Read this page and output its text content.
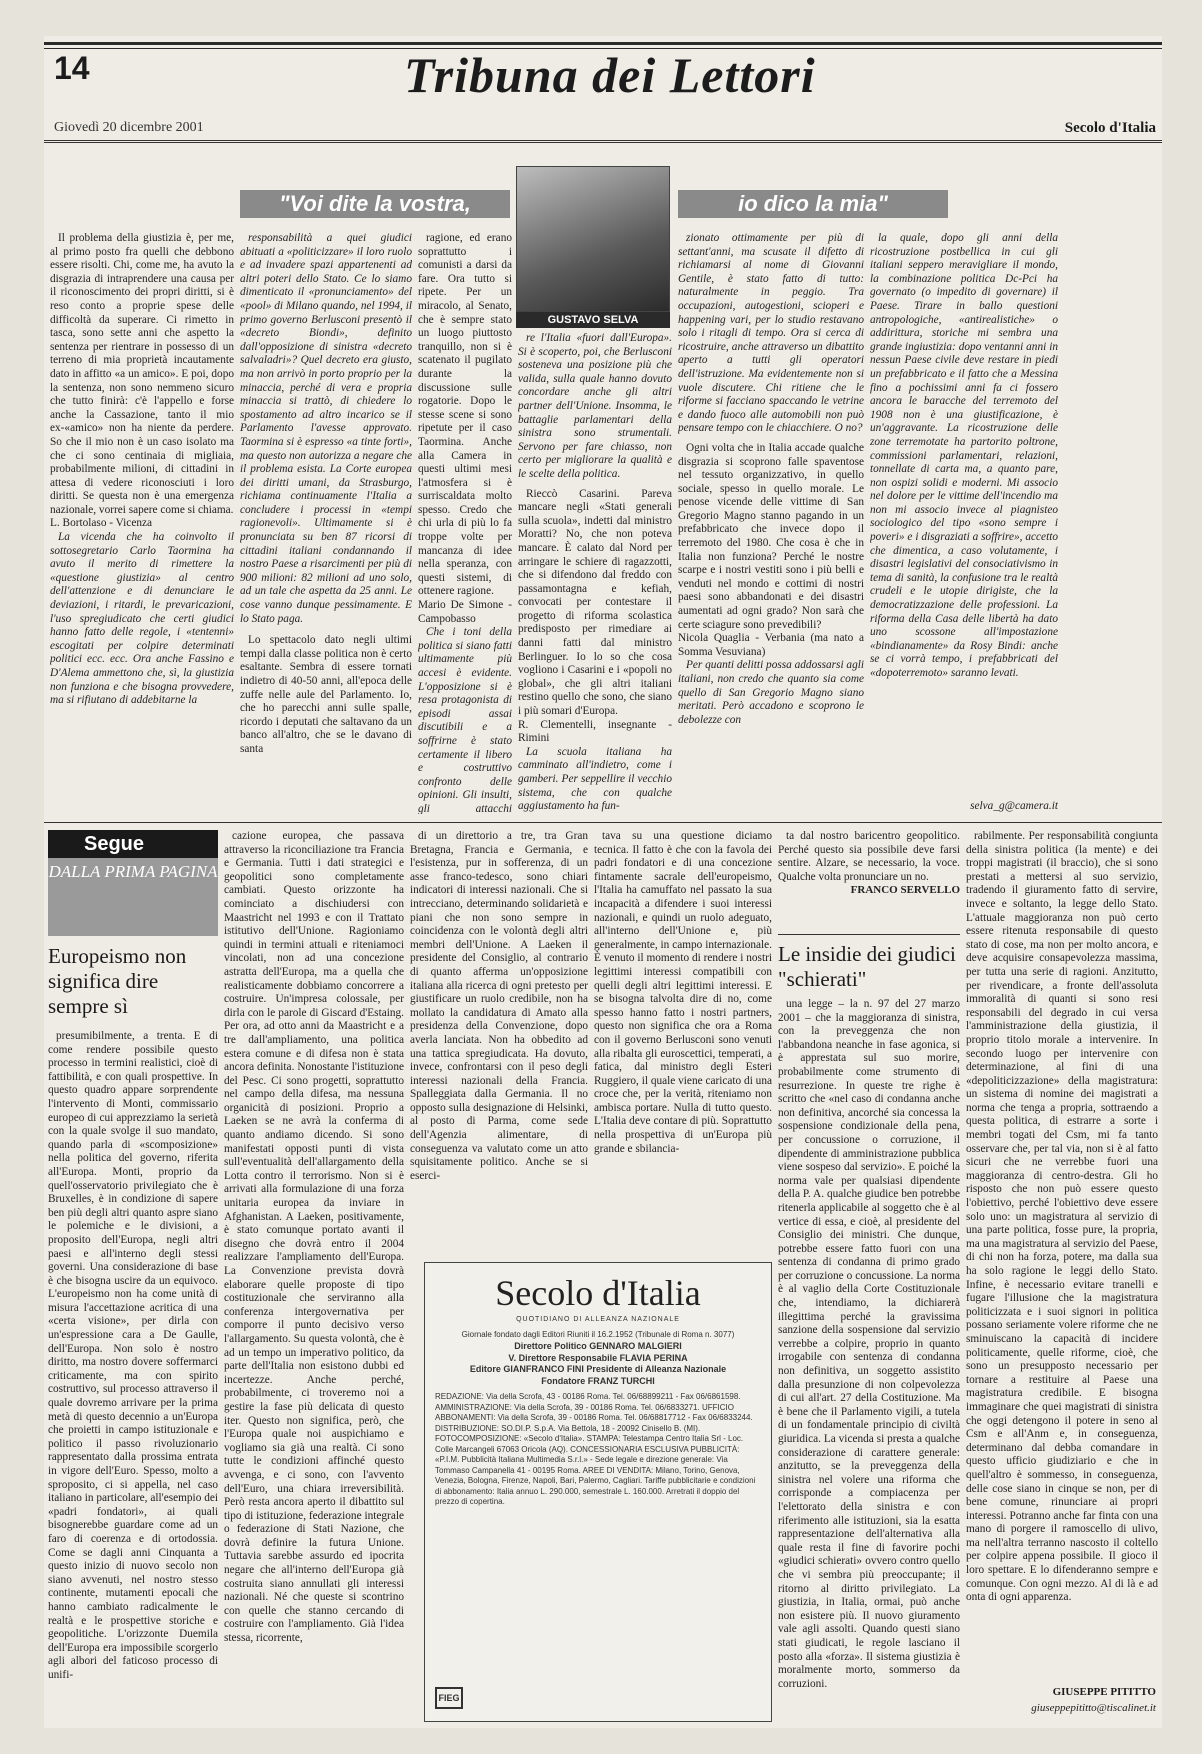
14	Tribuna dei Lettori
Giovedì 20 dicembre 2001	Secolo d'Italia
"Voi dite la vostra,	io dico la mia"
GUSTAVO SELVA

Il problema della giustizia è, per me, al primo posto fra quelli che debbono essere risolti. Chi, come me, ha avuto la disgrazia di intraprendere una causa per il riconoscimento dei propri diritti, si è reso conto a proprie spese delle difficoltà da superare. Ci rimetto in tasca, sono sette anni che aspetto la sentenza per rientrare in possesso di un terreno di mia proprietà incautamente dato in affitto «a un amico». E poi, dopo la sentenza, non sono nemmeno sicuro che tutto finirà: c'è l'appello e forse anche la Cassazione, tanto il mio ex-«amico» non ha niente da perdere. So che il mio non è un caso isolato ma che ci sono centinaia di migliaia, probabilmente milioni, di cittadini in attesa di vedere riconosciuti i loro diritti. Se questa non è una emergenza nazionale, vorrei sapere come si chiama.

L. Bortolaso - Vicenza

La vicenda che ha coinvolto il sottosegretario Carlo Taormina ha avuto il merito di rimettere la «questione giustizia» al centro dell'attenzione e di denunciare le deviazioni, i ritardi, le prevaricazioni, l'uso spregiudicato che certi giudici hanno fatto delle regole, i «tentenni» escogitati per colpire determinati politici ecc. ecc. Ora anche Fassino e D'Alema ammettono che, sì, la giustizia non funziona e che bisogna provvedere, ma si rifiutano di addebitarne la

responsabilità a quei giudici abituati a «politicizzare» il loro ruolo e ad invadere spazi appartenenti ad altri poteri dello Stato. Ce lo siamo dimenticato il «pronunciamento» del «pool» di Milano quando, nel 1994, il primo governo Berlusconi presentò il «decreto Biondi», definito dall'opposizione di sinistra «decreto salvaladri»? Quel decreto era giusto, ma non arrivò in porto proprio per la minaccia, perché di vera e propria minaccia si trattò, di chiedere lo spostamento ad altro incarico se il Parlamento l'avesse approvato. Taormina si è espresso «a tinte forti», ma questo non autorizza a negare che il problema esista. La Corte europea dei diritti umani, da Strasburgo, richiama continuamente l'Italia a concludere i processi in «tempi ragionevoli». Ultimamente si è pronunciata su ben 87 ricorsi di cittadini italiani condannando il nostro Paese a risarcimenti per più di 900 milioni: 82 milioni ad uno solo, ad un tale che aspetta da 25 anni. Le cose vanno dunque pessimamente. E lo Stato paga.

Lo spettacolo dato negli ultimi tempi dalla classe politica non è certo esaltante. Sembra di essere tornati indietro di 40-50 anni, all'epoca delle zuffe nelle aule del Parlamento. Io, che ho parecchi anni sulle spalle, ricordo i deputati che saltavano da un banco all'altro, che se le davano di santa

ragione, ed erano soprattutto i comunisti a darsi da fare. Ora tutto si ripete. Per un miracolo, al Senato, che è sempre stato un luogo piuttosto tranquillo, non si è scatenato il pugilato durante la discussione sulle rogatorie. Dopo le stesse scene si sono ripetute per il caso Taormina. Anche alla Camera in questi ultimi mesi l'atmosfera si è surriscaldata molto spesso. Credo che chi urla di più lo fa troppe volte per mancanza di idee nella speranza, con questi sistemi, di ottenere ragione.

Mario De Simone - Campobasso

Che i toni della politica si siano fatti ultimamente più accesi è evidente. L'opposizione si è resa protagonista di episodi assai discutibili e a soffrirne è stato certamente il libero e costruttivo confronto delle opinioni. Gli insulti, gli attacchi

re l'Italia «fuori dall'Europa». Si è scoperto, poi, che Berlusconi sosteneva una posizione più che valida, sulla quale hanno dovuto concordare anche gli altri partner dell'Unione. Insomma, le battaglie parlamentari della sinistra sono strumentali. Servono per fare chiasso, non certo per migliorare la qualità e le scelte della politica.

Rieccò Casarini. Pareva mancare negli «Stati generali sulla scuola», indetti dal ministro Moratti? No, che non poteva mancare. È calato dal Nord per arringare le schiere di ragazzotti, che si difendono dal freddo con passamontagna e kefiah, convocati per contestare il progetto di riforma scolastica predisposto per rimediare ai danni fatti dal ministro Berlinguer. Io lo so che cosa vogliono i Casarini e i «popoli no global», che gli altri italiani restino quello che sono, che siano i più somari d'Europa.

R. Clementelli, insegnante - Rimini

La scuola italiana ha camminato all'indietro, come i gamberi. Per seppellire il vecchio sistema, che con qualche aggiustamento ha fun-

zionato ottimamente per più di settant'anni, ma scusate il difetto di richiamarsi al nome di Giovanni Gentile, è stato fatto di tutto: naturalmente in peggio. Tra occupazioni, autogestioni, scioperi e happening vari, per lo studio restavano solo i ritagli di tempo. Ora si cerca di ricostruire, anche attraverso un dibattito aperto a tutti gli operatori dell'istruzione. Ma evidentemente non si vuole discutere. Chi ritiene che le riforme si facciano spaccando le vetrine e dando fuoco alle automobili non può pensare tempo con le chiacchiere. O no?

Ogni volta che in Italia accade qualche disgrazia si scoprono falle spaventose nel tessuto organizzativo, in quello sociale, spesso in quello morale. Le penose vicende delle vittime di San Gregorio Magno stanno pagando in un prefabbricato che invece dopo il terremoto del 1980. Che cosa è che in Italia non funziona? Perché le nostre scarpe e i nostri vestiti sono i più belli e venduti nel mondo e cottimi di nostri paesi sono abbandonati e dei disastri aumentati ad ogni grado? Non sarà che certe sciagure sono prevedibili?

Nicola Quaglia - Verbania (ma nato a Somma Vesuviana)

Per quanti delitti possa addossarsi agli italiani, non credo che quanto sia come quello di San Gregorio Magno siano meritati. Però accadono e scoprono le debolezze con

la quale, dopo gli anni della ricostruzione postbellica in cui gli italiani seppero meravigliare il mondo, la combinazione politica Dc-Pci ha governato (o impedito di governare) il Paese. Tirare in ballo questioni antropologiche, «antirealistiche» o addirittura, storiche mi sembra una grande ingiustizia: dopo ventanni anni in nessun Paese civile deve restare in piedi un prefabbricato e il fatto che a Messina fino a pochissimi anni fa ci fossero ancora le baracche del terremoto del 1908 non è una giustificazione, è un'aggravante. La ricostruzione delle zone terremotate ha partorito poltrone, commissioni parlamentari, relazioni, tonnellate di carta ma, a quanto pare, non ospizi solidi e moderni. Mi associo nel dolore per le vittime dell'incendio ma non mi associo invece al piagnisteo sociologico del tipo «sono sempre i poveri» e i disgraziati a soffrire», accetto che dimentica, a caso volutamente, i disastri legislativi del consociativismo in tema di sanità, la confusione tra le realtà crudeli e le utopie dirigiste, che la democratizzazione delle professioni. La riforma della Casa delle libertà ha dato uno scossone all'impostazione «bindianamente» da Rosy Bindi: anche se ci vorrà tempo, i prefabbricati del «dopoterremoto» saranno levati.

selva_g@camera.it
Segue
DALLA PRIMA PAGINA
Europeismo non significa dire sempre sì

presumibilmente, a trenta. E di come rendere possibile questo processo in termini realistici, cioè di fattibilità, e con quali prospettive. In questo quadro appare sorprendente l'intervento di Monti, commissario europeo di cui apprezziamo la serietà con la quale svolge il suo mandato, quando parla di «scomposizione» nella politica del governo, riferita all'Europa. Monti, proprio da quell'osservatorio privilegiato che è Bruxelles, è in condizione di sapere ben più degli altri quanto aspre siano le polemiche e le divisioni, a proposito dell'Europa, negli altri paesi e all'interno degli stessi governi. Una considerazione di base è che bisogna uscire da un equivoco. L'europeismo non ha come unità di misura l'accettazione acritica di una «certa visione», per dirla con un'espressione cara a De Gaulle, dell'Europa. Non solo è nostro diritto, ma nostro dovere soffermarci criticamente, ma con spirito costruttivo, sul processo attraverso il quale dovremo arrivare per la prima metà di questo decennio a un'Europa che proietti in campo istituzionale e politico il passo rivoluzionario rappresentato dalla prossima entrata in vigore dell'Euro. Spesso, molto a sproposito, ci si appella, nel caso italiano in particolare, all'esempio dei «padri fondatori», ai quali bisognerebbe guardare come ad un faro di coerenza e di ortodossia. Come se dagli anni Cinquanta a questo inizio di nuovo secolo non siano avvenuti, nel nostro stesso continente, mutamenti epocali che hanno cambiato radicalmente le realtà e le prospettive storiche e geopolitiche. L'orizzonte Duemila dell'Europa era impossibile scorgerlo agli albori del faticoso processo di unifi-

cazione europea, che passava attraverso la riconciliazione tra Francia e Germania. Tutti i dati strategici e geopolitici sono completamente cambiati. Questo orizzonte ha cominciato a dischiudersi con Maastricht nel 1993 e con il Trattato istitutivo dell'Unione. Ragioniamo quindi in termini attuali e riteniamoci vincolati, non ad una concezione astratta dell'Europa, ma a quella che realisticamente dobbiamo concorrere a costruire. Un'impresa colossale, per dirla con le parole di Giscard d'Estaing. Per ora, ad otto anni da Maastricht e a tre dall'ampliamento, una politica estera comune e di difesa non è stata ancora definita. Nonostante l'istituzione del Pesc. Ci sono progetti, soprattutto nel campo della difesa, ma nessuna organicità di posizioni. Proprio a Laeken se ne avrà la conferma di quanto andiamo dicendo. Si sono manifestati opposti punti di vista sull'eventualità dell'allargamento della Lotta contro il terrorismo. Non si è arrivati alla formulazione di una forza unitaria europea da inviare in Afghanistan. A Laeken, positivamente, è stato comunque portato avanti il disegno che dovrà entro il 2004 realizzare l'ampliamento dell'Europa. La Convenzione prevista dovrà elaborare quelle proposte di tipo costituzionale che serviranno alla conferenza intergovernativa per comporre il punto decisivo verso l'allargamento. Su questa volontà, che è ad un tempo un imperativo politico, da parte dell'Italia non esistono dubbi ed incertezze. Anche perché, probabilmente, ci troveremo noi a gestire la fase più delicata di questo iter. Questo non significa, però, che l'Europa quale noi auspichiamo e vogliamo sia già una realtà. Ci sono tutte le condizioni affinché questo avvenga, e ci sono, con l'avvento dell'Euro, una chiara irreversibilità. Però resta ancora aperto il dibattito sul tipo di istituzione, federazione integrale o federazione di Stati Nazione, che dovrà definire la futura Unione. Tuttavia sarebbe assurdo ed ipocrita negare che all'interno dell'Europa già costruita siano annullati gli interessi nazionali. Né che queste si scontrino con quelle che stanno cercando di costruire con l'ampliamento. Già l'idea stessa, ricorrente,

di un direttorio a tre, tra Gran Bretagna, Francia e Germania, e l'esistenza, pur in sofferenza, di un asse franco-tedesco, sono chiari indicatori di interessi nazionali. Che si intrecciano, determinando solidarietà e piani che non sono sempre in coincidenza con le volontà degli altri membri dell'Unione. A Laeken il presidente del Consiglio, al contrario di quanto afferma un'opposizione italiana alla ricerca di ogni pretesto per giustificare un ruolo credibile, non ha mollato la candidatura di Amato alla presidenza della Convenzione, dopo averla lanciata. Non ha obbedito ad una tattica spregiudicata. Ha dovuto, invece, confrontarsi con il peso degli interessi nazionali della Francia. Spalleggiata dalla Germania. Il no opposto sulla designazione di Helsinki, al posto di Parma, come sede dell'Agenzia alimentare, di conseguenza va valutato come un atto squisitamente politico. Anche se si eserci-

tava su una questione diciamo tecnica. Il fatto è che con la favola dei padri fondatori e di una concezione fintamente sacrale dell'europeismo, l'Italia ha camuffato nel passato la sua incapacità a difendere i suoi interessi nazionali, e quindi un ruolo adeguato, all'interno dell'Unione e, più generalmente, in campo internazionale. È venuto il momento di rendere i nostri legittimi interessi compatibili con quelli degli altri legittimi interessi. E se bisogna talvolta dire di no, come spesso hanno fatto i nostri partners, questo non significa che ora a Roma con il governo Berlusconi sono venuti alla ribalta gli euroscettici, temperati, a fatica, dal ministro degli Esteri Ruggiero, il quale viene caricato di una croce che, per la verità, riteniamo non ambisca portare. Nulla di tutto questo. L'Italia deve contare di più. Soprattutto nella prospettiva di un'Europa più grande e sbilancia-

ta dal nostro baricentro geopolitico. Perché questo sia possibile deve farsi sentire. Alzare, se necessario, la voce. Qualche volta pronunciare un no.

FRANCO SERVELLO
Le insidie dei giudici "schierati"

una legge – la n. 97 del 27 marzo 2001 – che la maggioranza di sinistra, con la preveggenza che non l'abbandona neanche in fase agonica, si è apprestata sul suo morire, probabilmente come strumento di resurrezione. In queste tre righe è scritto che «nel caso di condanna anche non definitiva, ancorché sia concessa la sospensione condizionale della pena, per concussione o corruzione, il dipendente di amministrazione pubblica viene sospeso dal servizio». E poiché la norma vale per qualsiasi dipendente della P. A. qualche giudice ben potrebbe ritenerla applicabile al soggetto che è al vertice di essa, e cioè, al presidente del Consiglio dei ministri. Che dunque, potrebbe essere fatto fuori con una sentenza di condanna di primo grado per corruzione o concussione. La norma è al vaglio della Corte Costituzionale che, intendiamo, la dichiarerà illegittima perché la gravissima sanzione della sospensione dal servizio verrebbe a colpire, proprio in quanto irrogabile con sentenza di condanna non definitiva, un soggetto assistito dalla presunzione di non colpevolezza di cui all'art. 27 della Costituzione. Ma è bene che il Parlamento vigili, a tutela di un fondamentale principio di civiltà giuridica. La vicenda si presta a qualche considerazione di carattere generale: anzitutto, se la preveggenza della sinistra nel volere una riforma che corrisponde a compiacenza per l'elettorato della sinistra e con riferimento alle istituzioni, sia la esatta rappresentazione dell'alternativa alla quale resta il fine di favorire pochi «giudici schierati» ovvero contro quello che vi sembra più preoccupante; il ritorno al diritto privilegiato. La giustizia, in Italia, ormai, può anche non esistere più. Il nuovo giuramento vale agli assolti. Quando questi siano stati giudicati, le regole lasciano il posto alla «forza». Il sistema giustizia è moralmente morto, sommerso da corruzioni.

rabilmente. Per responsabilità congiunta della sinistra politica (la mente) e dei troppi magistrati (il braccio), che si sono prestati a mettersi al suo servizio, tradendo il giuramento fatto di servire, invece e soltanto, la legge dello Stato. L'attuale maggioranza non può certo essere ritenuta responsabile di questo stato di cose, ma non per molto ancora, e deve acquisire consapevolezza massima, per tutta una serie di ragioni. Anzitutto, per rivendicare, a fronte dell'assoluta immoralità di quanti si sono resi responsabili del degrado in cui versa l'amministrazione della giustizia, il proprio titolo morale a intervenire. In secondo luogo per intervenire con determinazione, al fini di una «depoliticizzazione» della magistratura: un sistema di nomine dei magistrati a norma che tenga a propria, sottraendo a questa politica, di estrarre a sorte i membri togati del Csm, mi fa tanto osservare che, per tal via, non si è al fatto sicuri che ne verrebbe fuori una maggioranza di centro-destra. Gli ho risposto che non può essere questo l'obiettivo, perché l'obiettivo deve essere solo uno: un magistratura al servizio di una parte politica, fosse pure, la propria, ma una magistratura al servizio del Paese, di chi non ha forza, potere, ma dalla sua ha solo ragione le leggi dello Stato. Infine, è necessario evitare tranelli e fugare l'illusione che la magistratura politicizzata e i suoi signori in politica possano seriamente volere riforme che ne sminuiscano la capacità di incidere politicamente, quelle riforme, cioè, che sono un presupposto necessario per tornare a restituire al Paese una magistratura credibile. E bisogna immaginare che quei magistrati di sinistra che oggi detengono il potere in seno al Csm e all'Anm e, in conseguenza, determinano dal debba comandare in questo ufficio giudiziario e che in quell'altro è sommesso, in conseguenza, delle cose siano in cinque se non, per di bene comune, rinunciare ai propri interessi. Potranno anche far finta con una mano di porgere il ramoscello di ulivo, ma nell'altra terranno nascosto il coltello per colpire appena possibile. Il gioco il loro spettare. E lo difenderanno sempre e comunque. Con ogni mezzo. Al di là e ad onta di ogni apparenza.

GIUSEPPE PITITTO
giuseppepititto@tiscalinet.it
Secolo d'Italia
QUOTIDIANO DI ALLEANZA NAZIONALE
Giornale fondato dagli Editori Riuniti il 16.2.1952 (Tribunale di Roma n. 3077)
Direttore Politico GENNARO MALGIERI
V. Direttore Responsabile FLAVIA PERINA
Editore GIANFRANCO FINI Presidente di Alleanza Nazionale
Fondatore FRANZ TURCHI
REDAZIONE: Via della Scrofa, 43 - 00186 Roma. Tel. 06/68899211 - Fax 06/6861598. AMMINISTRAZIONE: Via della Scrofa, 39 - 00186 Roma. Tel. 06/6833271. UFFICIO ABBONAMENTI: Via della Scrofa, 39 - 00186 Roma. Tel. 06/68817712 - Fax 06/6833244. DISTRIBUZIONE: SO.DI.P. S.p.A. Via Bettola, 18 - 20092 Cinisello B. (MI). FOTOCOMPOSIZIONE: «Secolo d'Italia». STAMPA: Telestampa Centro Italia Srl - Loc. Colle Marcangeli 67063 Oricola (AQ). CONCESSIONARIA ESCLUSIVA PUBBLICITÀ: «P.I.M. Pubblicità Italiana Multimedia S.r.l.» - Sede legale e direzione generale: Via Tommaso Campanella 41 - 00195 Roma. AREE DI VENDITA: Milano, Torino, Genova, Venezia, Bologna, Firenze, Napoli, Bari, Palermo, Cagliari. Tariffe pubblicitarie e condizioni di abbonamento: Italia annuo L. 290.000, semestrale L. 160.000. Arretrati il doppio del prezzo di copertina.
FIEG
